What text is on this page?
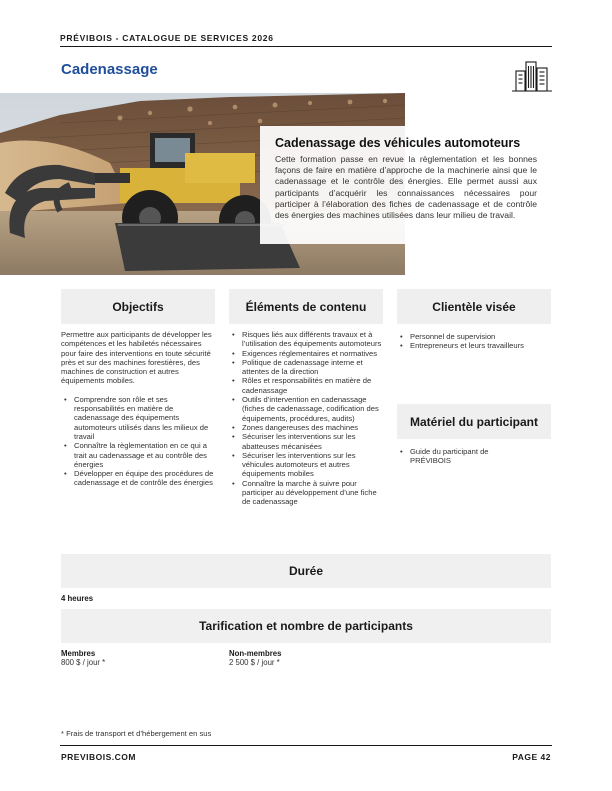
PRÉVIBOIS - CATALOGUE DE SERVICES 2026
Cadenassage
Cadenassage des véhicules automoteurs
Cette formation passe en revue la règlementation et les bonnes façons de faire en matière d’approche de la machinerie ainsi que le cadenassage et le contrôle des énergies. Elle permet aussi aux participants d’acquérir les connaissances nécessaires pour participer à l’élaboration des fiches de cadenassage et de contrôle des énergies des machines utilisées dans leur milieu de travail.
Objectifs	Éléments de contenu	Clientèle visée
Matériel du participant

Permettre aux participants de développer les compétences et les habiletés nécessaires pour faire des interventions en toute sécurité près et sur des machines forestières, des machines de construction et autres équipements mobiles.

• Comprendre son rôle et ses responsabilités en matière de cadenassage des équipements automoteurs utilisés dans les milieux de travail
• Connaître la règlementation en ce qui a trait au cadenassage et au contrôle des énergies
• Développer en équipe des procédures de cadenassage et de contrôle des énergies
• Risques liés aux différents travaux et à l’utilisation des équipements automoteurs
• Exigences réglementaires et normatives
• Politique de cadenassage interne et attentes de la direction
• Rôles et responsabilités en matière de cadenassage
• Outils d’intervention en cadenassage (fiches de cadenassage, codification des équipements, procédures, audits)
• Zones dangereuses des machines
• Sécuriser les interventions sur les abatteuses mécanisées
• Sécuriser les interventions sur les véhicules automoteurs et autres équipements mobiles
• Connaître la marche à suivre pour participer au développement d’une fiche de cadenassage
• Personnel de supervision
• Entrepreneurs et leurs travailleurs
• Guide du participant de PRÉVIBOIS
Durée
4 heures
Tarification et nombre de participants
Membres
800 $ / jour *
Non-membres
2 500 $ / jour *
* Frais de transport et d’hébergement en sus
PREVIBOIS.COM	PAGE 42
